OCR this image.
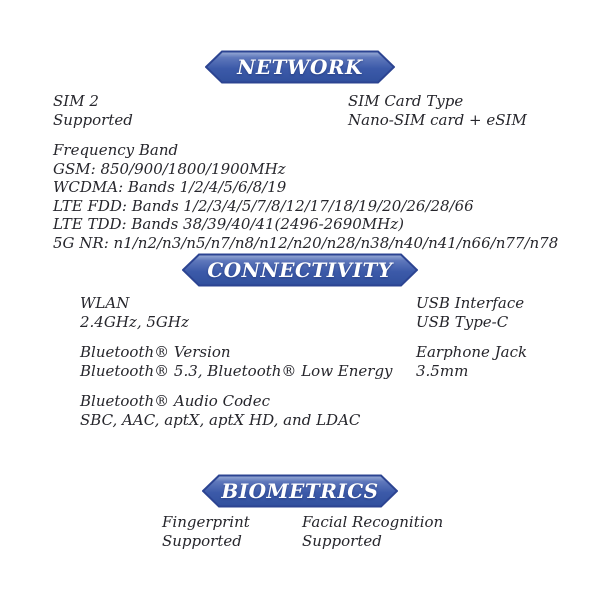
NETWORK
SIM 2
Supported
SIM Card Type
Nano-SIM card + eSIM
Frequency Band
GSM: 850/900/1800/1900MHz
WCDMA: Bands 1/2/4/5/6/8/19
LTE FDD: Bands 1/2/3/4/5/7/8/12/17/18/19/20/26/28/66
LTE TDD: Bands 38/39/40/41(2496-2690MHz)
5G NR: n1/n2/n3/n5/n7/n8/n12/n20/n28/n38/n40/n41/n66/n77/n78
CONNECTIVITY
WLAN
2.4GHz, 5GHz
USB Interface
USB Type-C
Bluetooth® Version
Bluetooth® 5.3, Bluetooth® Low Energy
Earphone Jack
3.5mm
Bluetooth® Audio Codec
SBC, AAC, aptX, aptX HD, and LDAC
BIOMETRICS
Fingerprint
Supported
Facial Recognition
Supported
